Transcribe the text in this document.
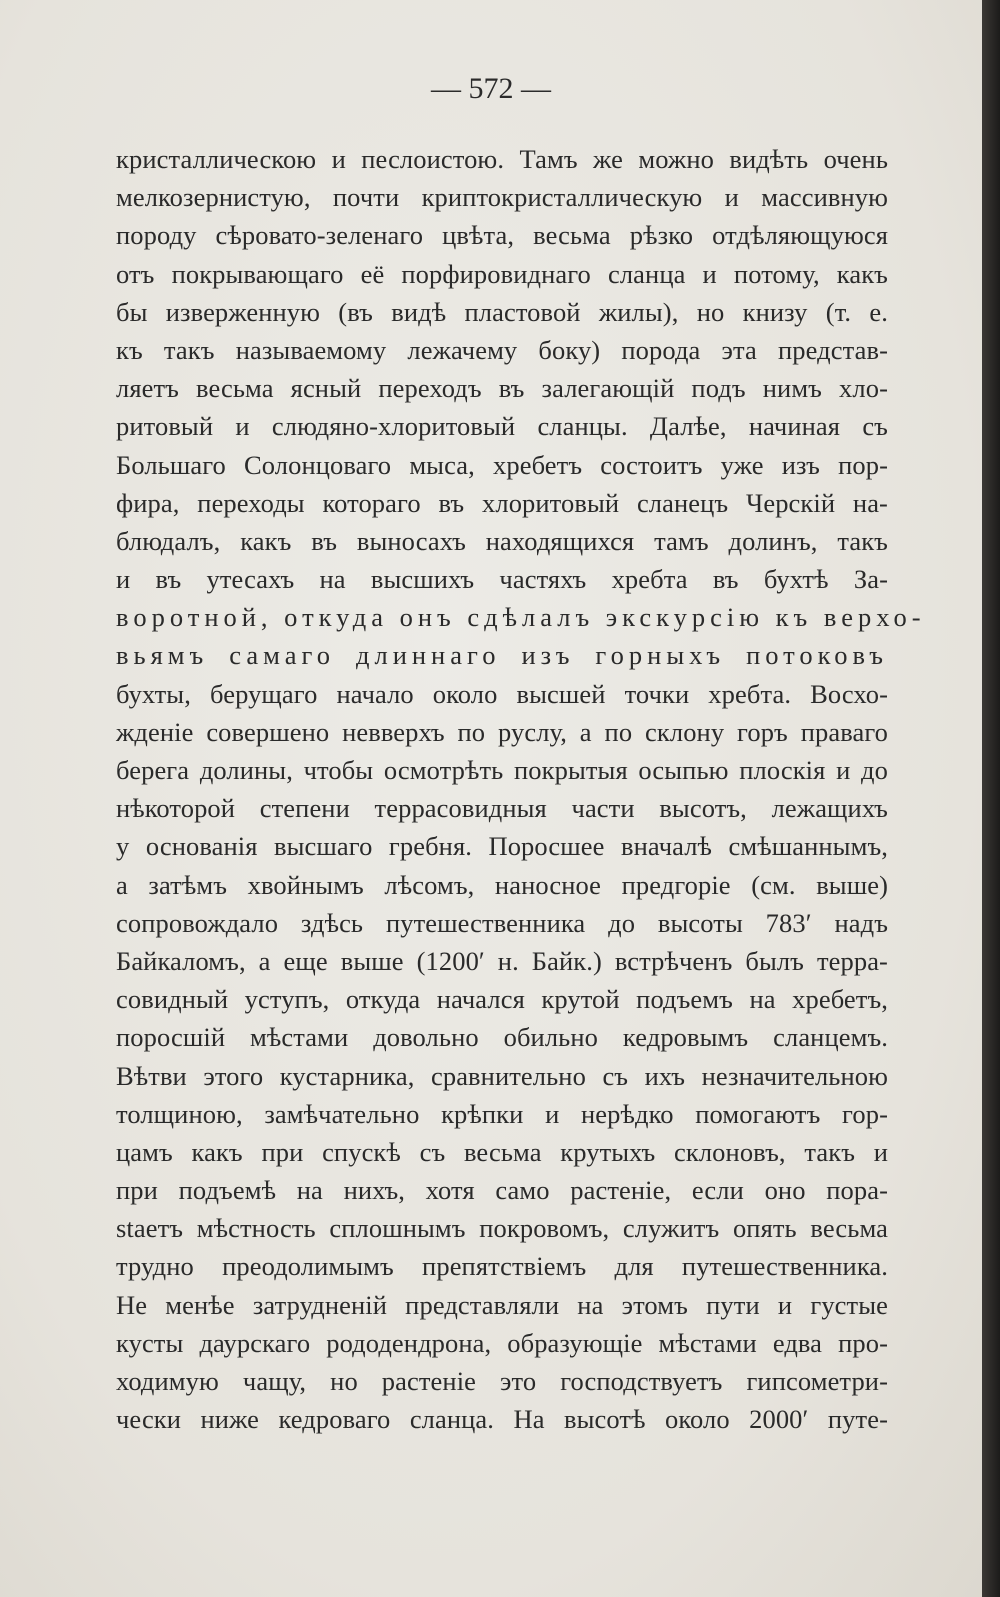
— 572 —
кристаллическою и песлоистою. Тамъ же можно видѣть очень
мелкозернистую, почти криптокристаллическую и массивную
породу сѣровато-зеленаго цвѣта, весьма рѣзко отдѣляющуюся
отъ покрывающаго её порфировиднаго сланца и потому, какъ
бы изверженную (въ видѣ пластовой жилы), но книзу (т. е.
къ такъ называемому лежачему боку) порода эта представ-
ляетъ весьма ясный переходъ въ залегающій подъ нимъ хло-
ритовый и слюдяно-хлоритовый сланцы. Далѣе, начиная съ
Большаго Солонцоваго мыса, хребетъ состоитъ уже изъ пор-
фира, переходы котораго въ хлоритовый сланецъ Черскій на-
блюдалъ, какъ въ выносахъ находящихся тамъ долинъ, такъ
и въ утесахъ на высшихъ частяхъ хребта въ бухтѣ За-
воротной, откуда онъ сдѣлалъ экскурсію къ верхо-
вьямъ самаго длиннаго изъ горныхъ потоковъ
бухты, берущаго начало около высшей точки хребта. Восхо-
жденіе совершено невверхъ по руслу, а по склону горъ праваго
берега долины, чтобы осмотрѣть покрытыя осыпью плоскія и до
нѣкоторой степени террасовидныя части высотъ, лежащихъ
у основанія высшаго гребня. Поросшее вначалѣ смѣшаннымъ,
а затѣмъ хвойнымъ лѣсомъ, наносное предгоріе (см. выше)
сопровождало здѣсь путешественника до высоты 783′ надъ
Байкаломъ, а еще выше (1200′ н. Байк.) встрѣченъ былъ терра-
совидный уступъ, откуда начался крутой подъемъ на хребетъ,
поросшій мѣстами довольно обильно кедровымъ сланцемъ.
Вѣтви этого кустарника, сравнительно съ ихъ незначительною
толщиною, замѣчательно крѣпки и нерѣдко помогаютъ гор-
цамъ какъ при спускѣ съ весьма крутыхъ склоновъ, такъ и
при подъемѣ на нихъ, хотя само растеніе, если оно пора-
staетъ мѣстность сплошнымъ покровомъ, служитъ опять весьма
трудно преодолимымъ препятствіемъ для путешественника.
Не менѣе затрудненій представляли на этомъ пути и густые
кусты даурскаго рододендрона, образующіе мѣстами едва про-
ходимую чащу, но растеніе это господствуетъ гипсометри-
чески ниже кедроваго сланца. На высотѣ около 2000′ путе-
